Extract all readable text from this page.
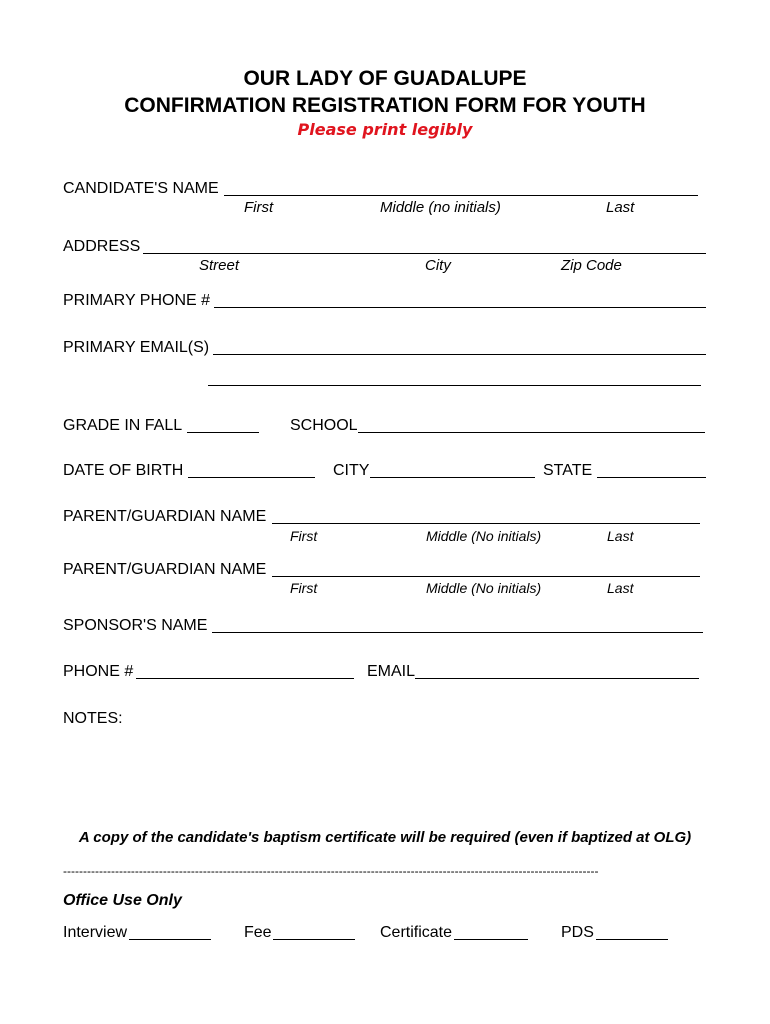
OUR LADY OF GUADALUPE
CONFIRMATION REGISTRATION FORM FOR YOUTH
Please print legibly
CANDIDATE'S NAME
First	Middle (no initials)	Last
ADDRESS
Street	City	Zip Code
PRIMARY PHONE #
PRIMARY EMAIL(S)
GRADE IN FALL	SCHOOL
DATE OF BIRTH	CITY	STATE
PARENT/GUARDIAN NAME
First	Middle (No initials)	Last
PARENT/GUARDIAN NAME
First	Middle (No initials)	Last
SPONSOR'S NAME
PHONE #	EMAIL
NOTES:
A copy of the candidate's baptism certificate will be required (even if baptized at OLG)
--------------------------------------------------------------------------------------------------------------------------------------
Office Use Only
Interview	Fee	Certificate	PDS
